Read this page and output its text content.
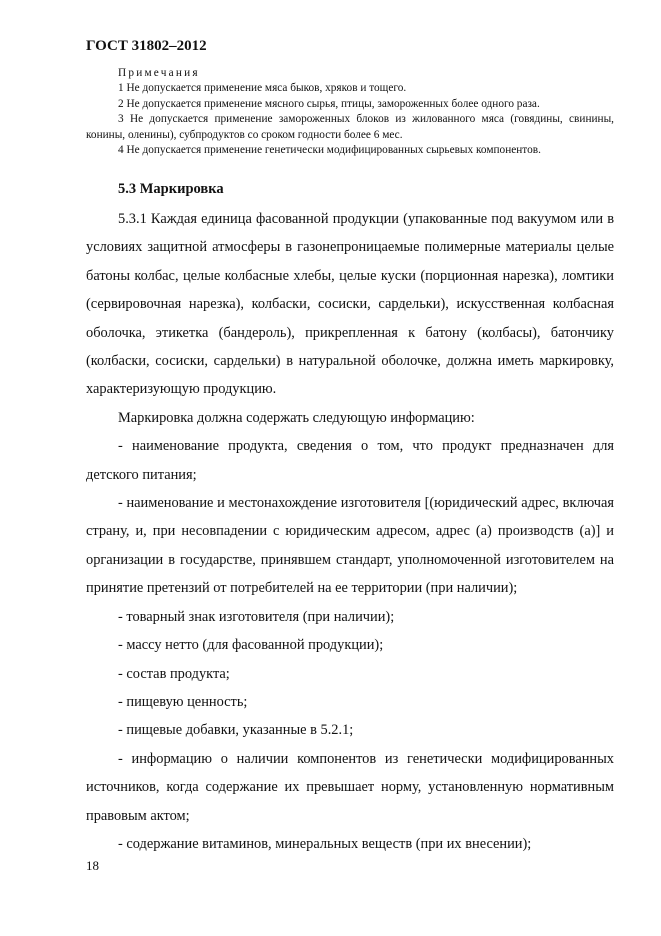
ГОСТ 31802–2012

Примечания

1 Не допускается применение мяса быков, хряков и тощего.

2 Не допускается применение мясного сырья, птицы, замороженных более одного раза.

3 Не допускается применение замороженных блоков из жилованного мяса (говядины, свинины, конины, оленины), субпродуктов со сроком годности более 6 мес.

4 Не допускается применение генетически модифицированных сырьевых компонентов.

5.3 Маркировка

5.3.1 Каждая единица фасованной продукции (упакованные под вакуумом или в условиях защитной атмосферы в газонепроницаемые полимерные материалы целые батоны колбас, целые колбасные хлебы, целые куски (порционная нарезка), ломтики (сервировочная нарезка), колбаски, сосиски, сардельки), искусственная колбасная оболочка, этикетка (бандероль), прикрепленная к батону (колбасы), батончику (колбаски, сосиски, сардельки) в натуральной оболочке, должна иметь маркировку, характеризующую продукцию.

Маркировка должна содержать следующую информацию:

- наименование продукта, сведения о том, что продукт предназначен для детского питания;

- наименование и местонахождение изготовителя [(юридический адрес, включая страну, и, при несовпадении с юридическим адресом, адрес (а) производств (а)] и организации в государстве, принявшем стандарт, уполномоченной изготовителем на принятие претензий от потребителей на ее территории (при наличии);

- товарный знак изготовителя (при наличии);

- массу нетто (для фасованной продукции);

- состав продукта;

- пищевую ценность;

- пищевые добавки, указанные в 5.2.1;

- информацию о наличии компонентов из генетически модифицированных источников, когда содержание их превышает норму, установленную нормативным правовым актом;

- содержание витаминов, минеральных веществ (при их внесении);

18
